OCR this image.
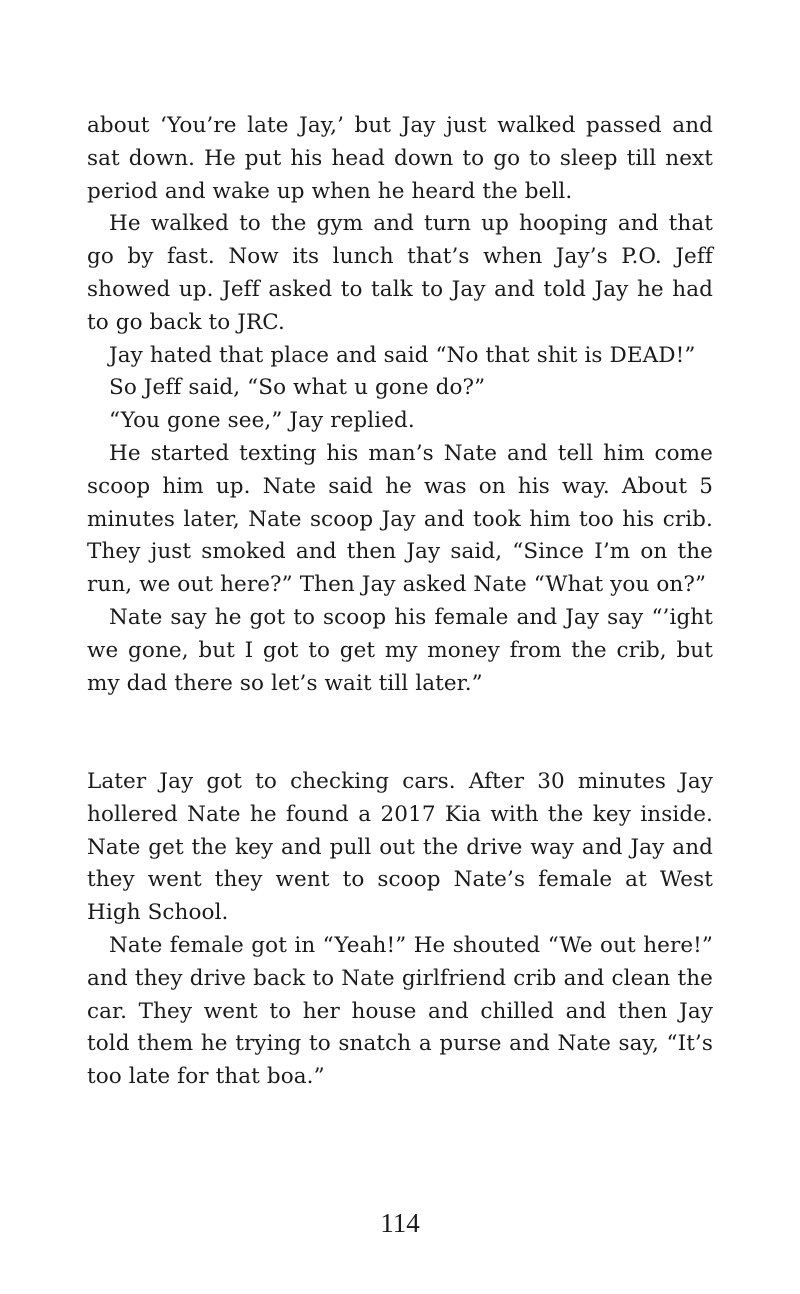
about ‘You’re late Jay,’ but Jay just walked passed and sat down. He put his head down to go to sleep till next period and wake up when he heard the bell.

He walked to the gym and turn up hooping and that go by fast. Now its lunch that’s when Jay’s P.O. Jeff showed up. Jeff asked to talk to Jay and told Jay he had to go back to JRC.

Jay hated that place and said “No that shit is DEAD!”

So Jeff said, “So what u gone do?”

“You gone see,” Jay replied.

He started texting his man’s Nate and tell him come scoop him up. Nate said he was on his way. About 5 minutes later, Nate scoop Jay and took him too his crib. They just smoked and then Jay said, “Since I’m on the run, we out here?” Then Jay asked Nate “What you on?”

Nate say he got to scoop his female and Jay say “’ight we gone, but I got to get my money from the crib, but my dad there so let’s wait till later.”

Later Jay got to checking cars. After 30 minutes Jay hollered Nate he found a 2017 Kia with the key inside. Nate get the key and pull out the drive way and Jay and they went they went to scoop Nate’s female at West High School.

Nate female got in “Yeah!” He shouted “We out here!” and they drive back to Nate girlfriend crib and clean the car. They went to her house and chilled and then Jay told them he trying to snatch a purse and Nate say, “It’s too late for that boa.”

114
